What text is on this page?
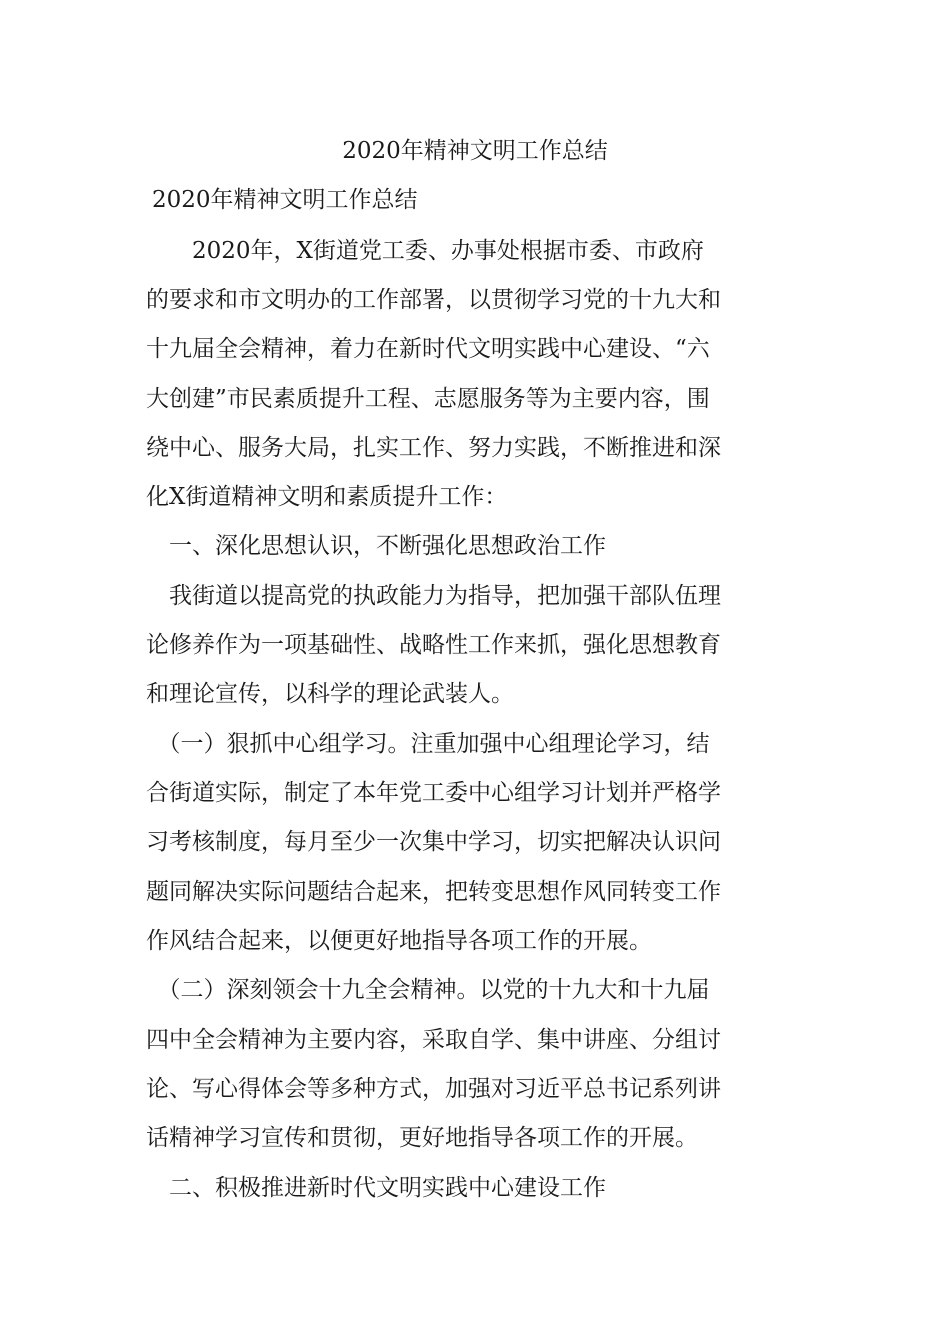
2020年精神文明工作总结
2020年精神文明工作总结

　　2020年，X街道党工委、办事处根据市委、市政府

的要求和市文明办的工作部署，以贯彻学习党的十九大和

十九届全会精神，着力在新时代文明实践中心建设、“六

大创建”市民素质提升工程、志愿服务等为主要内容，围

绕中心、服务大局，扎实工作、努力实践，不断推进和深

化X街道精神文明和素质提升工作：

　一、深化思想认识，不断强化思想政治工作

　我街道以提高党的执政能力为指导，把加强干部队伍理

论修养作为一项基础性、战略性工作来抓，强化思想教育

和理论宣传，以科学的理论武装人。

　（一）狠抓中心组学习。注重加强中心组理论学习，结

合街道实际，制定了本年党工委中心组学习计划并严格学

习考核制度，每月至少一次集中学习，切实把解决认识问

题同解决实际问题结合起来，把转变思想作风同转变工作

作风结合起来，以便更好地指导各项工作的开展。

　（二）深刻领会十九全会精神。以党的十九大和十九届

四中全会精神为主要内容，采取自学、集中讲座、分组讨

论、写心得体会等多种方式，加强对习近平总书记系列讲

话精神学习宣传和贯彻，更好地指导各项工作的开展。

　二、积极推进新时代文明实践中心建设工作
